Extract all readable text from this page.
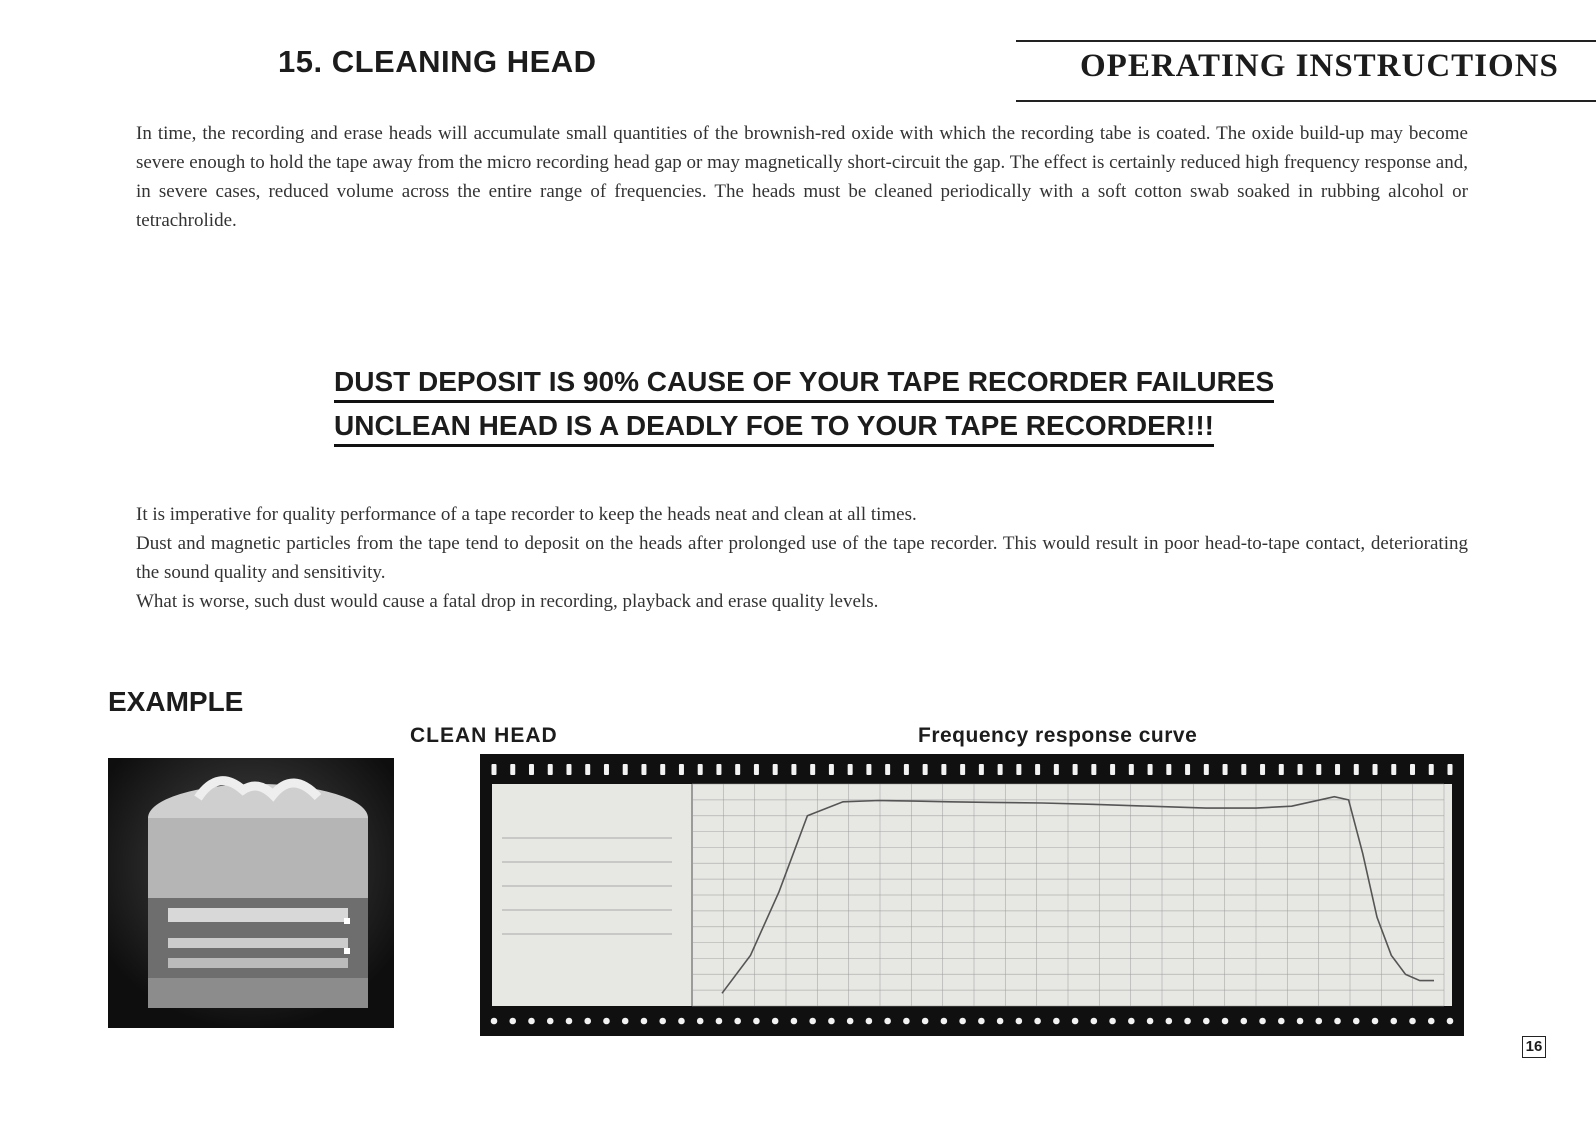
15. CLEANING HEAD	OPERATING INSTRUCTIONS
In time, the recording and erase heads will accumulate small quantities of the brownish-red oxide with which the recording tabe is coated. The oxide build-up may become severe enough to hold the tape away from the micro recording head gap or may magnetically short-circuit the gap. The effect is certainly reduced high frequency response and, in severe cases, reduced volume across the entire range of frequencies. The heads must be cleaned periodically with a soft cotton swab soaked in rubbing alcohol or tetrachrolide.
DUST DEPOSIT IS 90% CAUSE OF YOUR TAPE RECORDER FAILURES
UNCLEAN HEAD IS A DEADLY FOE TO YOUR TAPE RECORDER!!!
It is imperative for quality performance of a tape recorder to keep the heads neat and clean at all times.
Dust and magnetic particles from the tape tend to deposit on the heads after prolonged use of the tape recorder. This would result in poor head-to-tape contact, deteriorating the sound quality and sensitivity.
What is worse, such dust would cause a fatal drop in recording, playback and erase quality levels.
EXAMPLE
CLEAN HEAD	Frequency response curve
16
